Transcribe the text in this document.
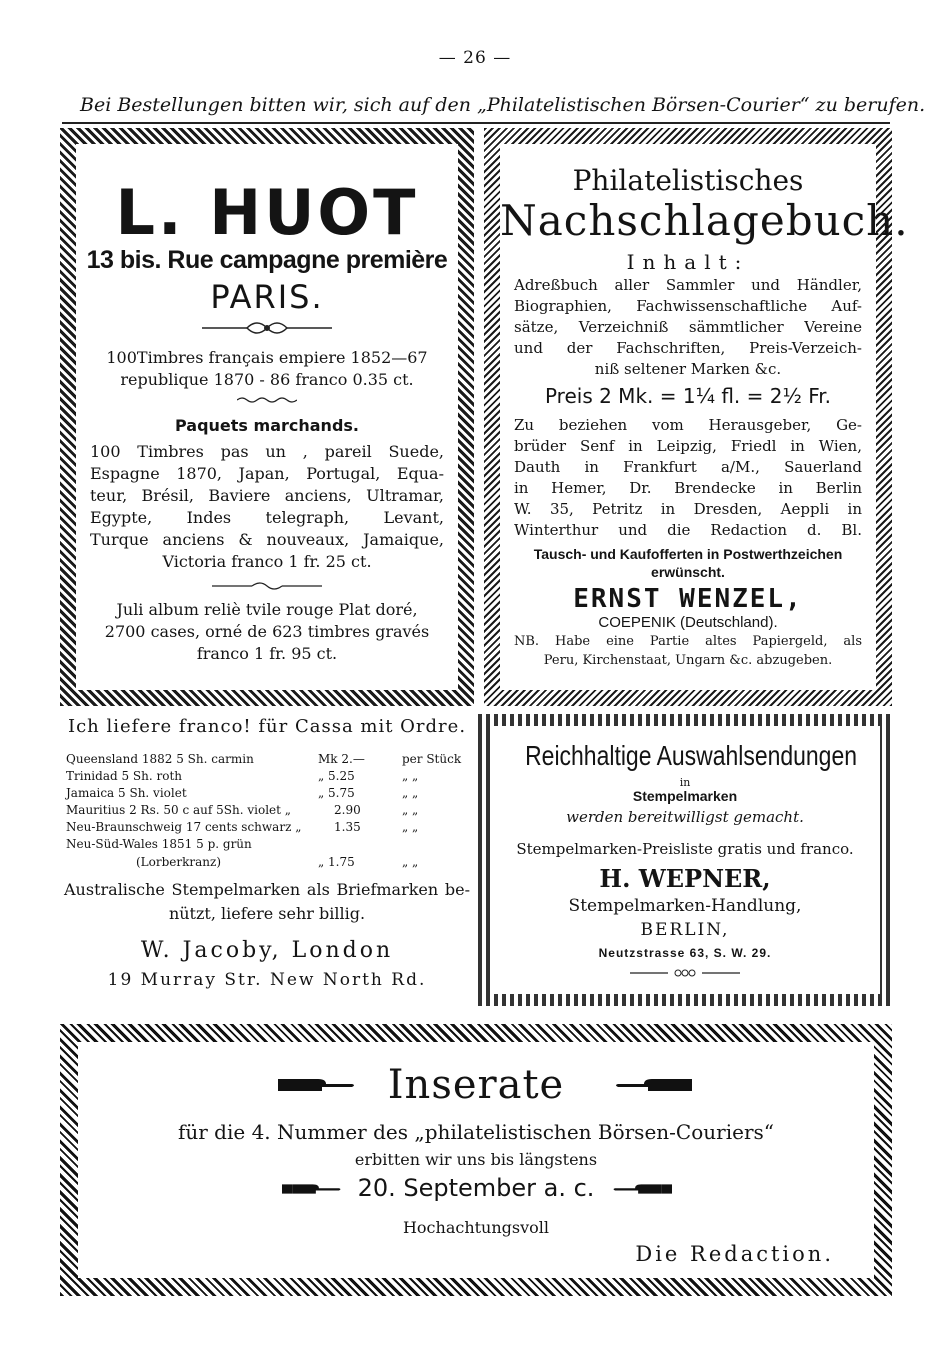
— 26 —
Bei Bestellungen bitten wir, sich auf den „Philatelistischen Börsen-Courier“ zu berufen.
L. HUOT
13 bis. Rue campagne première
PARIS.
100Timbres français empiere 1852—67
republique 1870 - 86 franco 0.35 ct.
Paquets marchands.
100 Timbres pas un , pareil Suede,
Espagne 1870, Japan, Portugal, Equa-
teur, Brésil, Baviere anciens, Ultramar,
Egypte, Indes telegraph, Levant,
Turque anciens & nouveaux, Jamaique,
Victoria franco 1 fr. 25 ct.
Juli album reliè tvile rouge Plat doré,
2700 cases, orné de 623 timbres gravés
franco 1 fr. 95 ct.
Philatelistisches
Nachschlagebuch.
Inhalt:
Adreßbuch aller Sammler und Händler,
Biographien, Fachwissenschaftliche Auf-
sätze, Verzeichniß sämmtlicher Vereine
und der Fachschriften, Preis-Verzeich-
niß seltener Marken &c.
Preis 2 Mk. = 1¼ fl. = 2½ Fr.
Zu beziehen vom Herausgeber, Ge-
brüder Senf in Leipzig, Friedl in Wien,
Dauth in Frankfurt a/M., Sauerland
in Hemer, Dr. Brendecke in Berlin
W. 35, Petritz in Dresden, Aeppli in
Winterthur und die Redaction d. Bl.
Tausch- und Kaufofferten in Postwerthzeichen
erwünscht.
ERNST WENZEL,
COEPENIK (Deutschland).
NB. Habe eine Partie altes Papiergeld, als
Peru, Kirchenstaat, Ungarn &c. abzugeben.
Ich liefere franco! für Cassa mit Ordre.
Queensland 1882 5 Sh. carmin	Mk 2.—	per Stück
Trinidad 5 Sh. roth	„ 5.25	„ „
Jamaica 5 Sh. violet	„ 5.75	„ „
Mauritius 2 Rs. 50 c auf 5Sh. violet „	2.90	„ „
Neu-Braunschweig 17 cents schwarz „	1.35	„ „
Neu-Süd-Wales 1851 5 p. grün
(Lorberkranz)	„ 1.75	„ „
Australische Stempelmarken als Briefmarken be-
nützt, liefere sehr billig.
W. Jacoby, London
19 Murray Str. New North Rd.
Reichhaltige Auswahlsendungen
in
Stempelmarken
werden bereitwilligst gemacht.
Stempelmarken-Preisliste gratis und franco.
H. WEPNER,
Stempelmarken-Handlung,
BERLIN,
Neutzstrasse 63, S. W. 29.
Inserate
für die 4. Nummer des „philatelistischen Börsen-Couriers“
erbitten wir uns bis längstens
20. September a. c.
Hochachtungsvoll
Die Redaction.
